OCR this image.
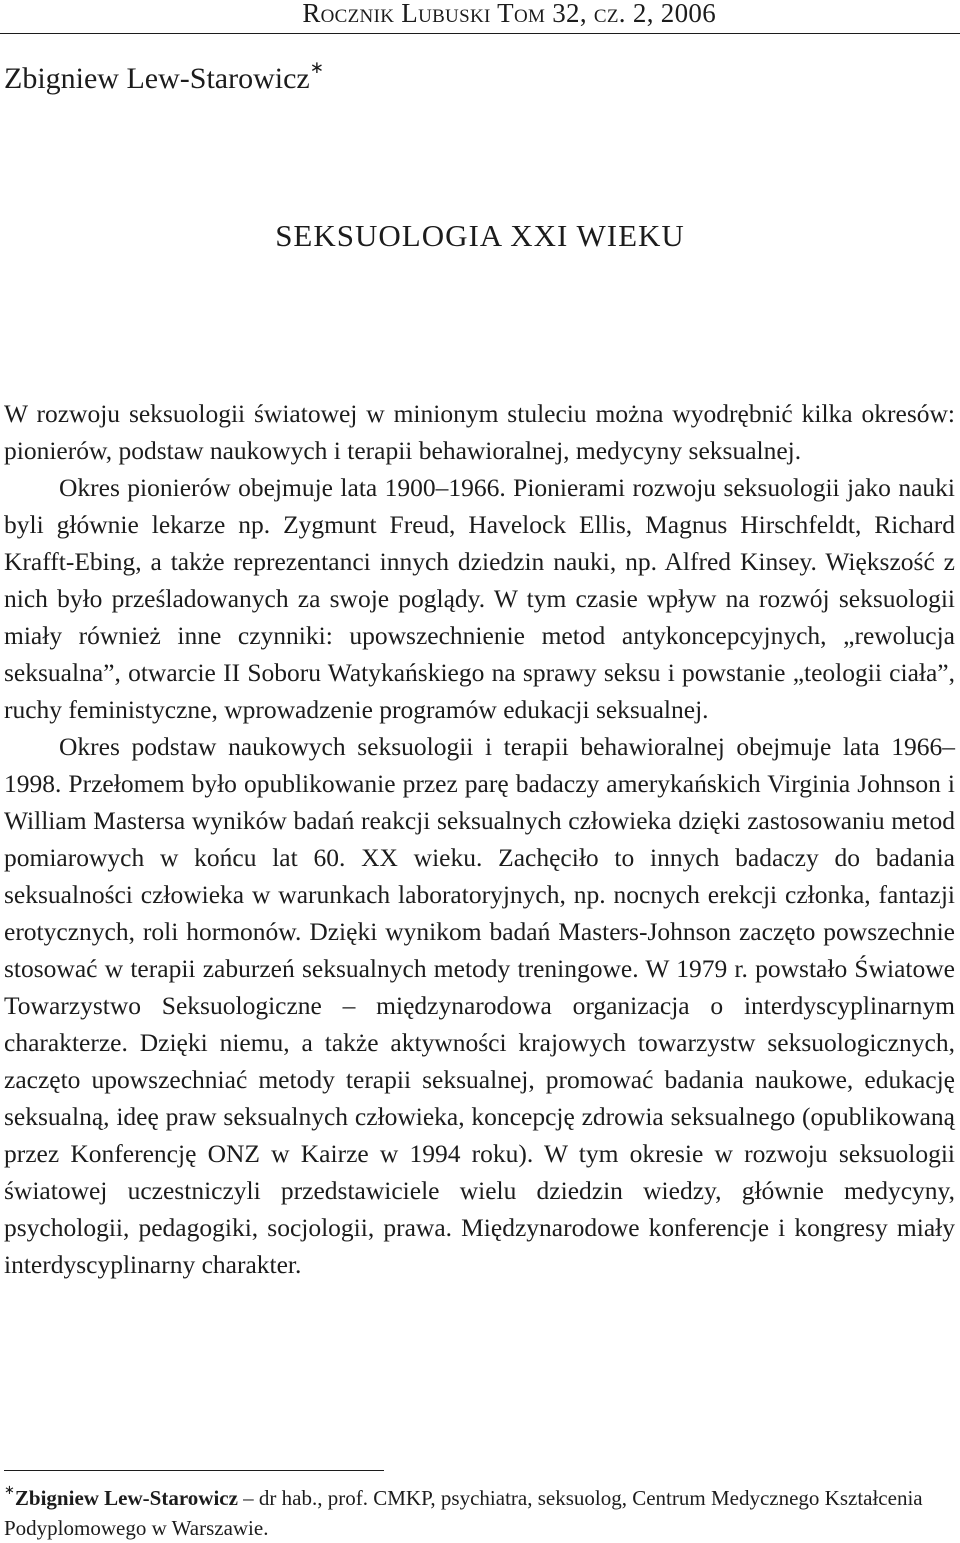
Rocznik Lubuski Tom 32, cz. 2, 2006
Zbigniew Lew-Starowicz∗
SEKSUOLOGIA XXI WIEKU

W rozwoju seksuologii światowej w minionym stuleciu można wyodrębnić kilka okresów: pionierów, podstaw naukowych i terapii behawioralnej, medycyny seksualnej.

Okres pionierów obejmuje lata 1900–1966. Pionierami rozwoju seksuologii jako nauki byli głównie lekarze np. Zygmunt Freud, Havelock Ellis, Magnus Hirschfeldt, Richard Krafft-Ebing, a także reprezentanci innych dziedzin nauki, np. Alfred Kinsey. Większość z nich było prześladowanych za swoje poglądy. W tym czasie wpływ na rozwój seksuologii miały również inne czynniki: upowszechnienie metod antykoncepcyjnych, „rewolucja seksualna”, otwarcie II Soboru Watykańskiego na sprawy seksu i powstanie „teologii ciała”, ruchy feministyczne, wprowadzenie programów edukacji seksualnej.

Okres podstaw naukowych seksuologii i terapii behawioralnej obejmuje lata 1966–1998. Przełomem było opublikowanie przez parę badaczy amerykańskich Virginia Johnson i William Mastersa wyników badań reakcji seksualnych człowieka dzięki zastosowaniu metod pomiarowych w końcu lat 60. XX wieku. Zachęciło to innych badaczy do badania seksualności człowieka w warunkach laboratoryjnych, np. nocnych erekcji członka, fantazji erotycznych, roli hormonów. Dzięki wynikom badań Masters-Johnson zaczęto powszechnie stosować w terapii zaburzeń seksualnych metody treningowe. W 1979 r. powstało Światowe Towarzystwo Seksuologiczne – międzynarodowa organizacja o interdyscyplinarnym charakterze. Dzięki niemu, a także aktywności krajowych towarzystw seksuologicznych, zaczęto upowszechniać metody terapii seksualnej, promować badania naukowe, edukację seksualną, ideę praw seksualnych człowieka, koncepcję zdrowia seksualnego (opublikowaną przez Konferencję ONZ w Kairze w 1994 roku). W tym okresie w rozwoju seksuologii światowej uczestniczyli przedstawiciele wielu dziedzin wiedzy, głównie medycyny, psychologii, pedagogiki, socjologii, prawa. Międzynarodowe konferencje i kongresy miały interdyscyplinarny charakter.

∗Zbigniew Lew-Starowicz – dr hab., prof. CMKP, psychiatra, seksuolog, Centrum Medycznego Kształcenia Podyplomowego w Warszawie.
